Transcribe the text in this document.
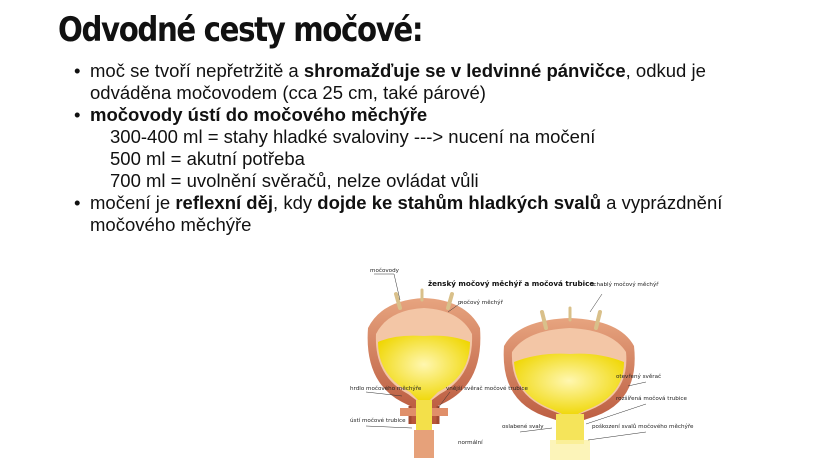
Odvodné cesty močové:

• moč se tvoří nepřetržitě a shromažďuje se v ledvinné pánvičce, odkud je odváděna močovodem (cca 25 cm, také párové)

• močovody ústí do močového měchýře

300-400 ml = stahy hladké svaloviny ---> nucení na močení

500 ml = akutní potřeba

700 ml = uvolnění svěračů, nelze ovládat vůli

• močení je reflexní děj, kdy dojde ke stahům hladkých svalů a vyprázdnění močového měchýře

ženský močový měchýř a močová trubice
močovody
močový měchýř
hrdlo močového měchýře
ústí močové trubice
vnější svěrač močové trubice
normální
ochablý močový měchýř
otevřený svěrač
rozšířená močová trubice
oslabené svaly	poškození svalů močového měchýře
